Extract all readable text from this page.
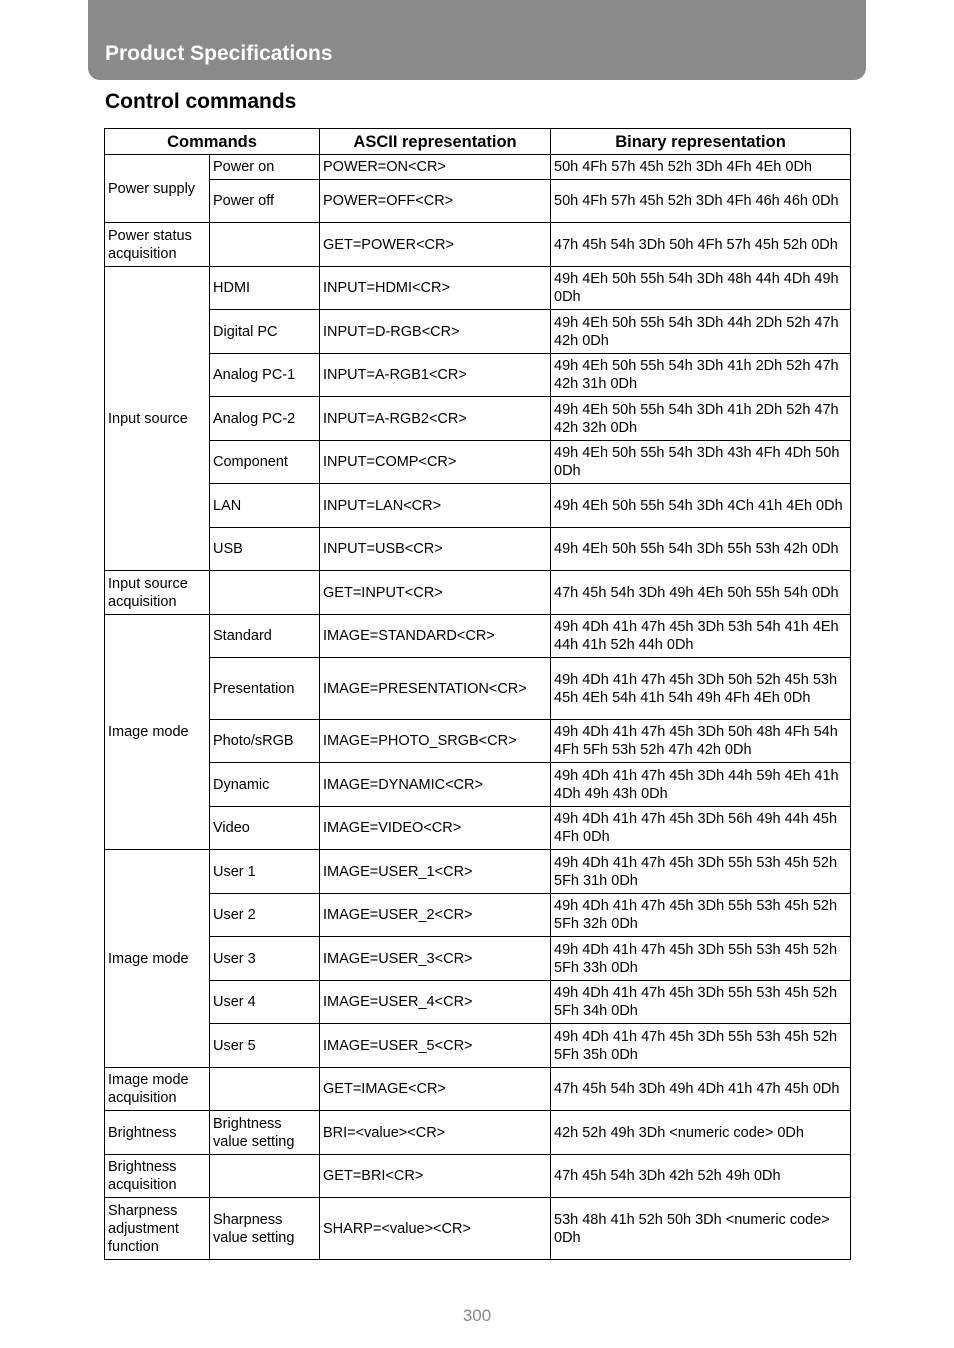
Product Specifications
Control commands
Commands		ASCII representation	Binary representation
Power supply	Power on	POWER=ON<CR>	50h 4Fh 57h 45h 52h 3Dh 4Fh 4Eh 0Dh
	Power off	POWER=OFF<CR>	50h 4Fh 57h 45h 52h 3Dh 4Fh 46h 46h 0Dh
Power status acquisition		GET=POWER<CR>	47h 45h 54h 3Dh 50h 4Fh 57h 45h 52h 0Dh
Input source	HDMI	INPUT=HDMI<CR>	49h 4Eh 50h 55h 54h 3Dh 48h 44h 4Dh 49h 0Dh
	Digital PC	INPUT=D-RGB<CR>	49h 4Eh 50h 55h 54h 3Dh 44h 2Dh 52h 47h 42h 0Dh
	Analog PC-1	INPUT=A-RGB1<CR>	49h 4Eh 50h 55h 54h 3Dh 41h 2Dh 52h 47h 42h 31h 0Dh
	Analog PC-2	INPUT=A-RGB2<CR>	49h 4Eh 50h 55h 54h 3Dh 41h 2Dh 52h 47h 42h 32h 0Dh
	Component	INPUT=COMP<CR>	49h 4Eh 50h 55h 54h 3Dh 43h 4Fh 4Dh 50h 0Dh
	LAN	INPUT=LAN<CR>	49h 4Eh 50h 55h 54h 3Dh 4Ch 41h 4Eh 0Dh
	USB	INPUT=USB<CR>	49h 4Eh 50h 55h 54h 3Dh 55h 53h 42h 0Dh
Input source acquisition		GET=INPUT<CR>	47h 45h 54h 3Dh 49h 4Eh 50h 55h 54h 0Dh
Image mode	Standard	IMAGE=STANDARD<CR>	49h 4Dh 41h 47h 45h 3Dh 53h 54h 41h 4Eh 44h 41h 52h 44h 0Dh
	Presentation	IMAGE=PRESENTATION<CR>	49h 4Dh 41h 47h 45h 3Dh 50h 52h 45h 53h 45h 4Eh 54h 41h 54h 49h 4Fh 4Eh 0Dh
	Photo/sRGB	IMAGE=PHOTO_SRGB<CR>	49h 4Dh 41h 47h 45h 3Dh 50h 48h 4Fh 54h 4Fh 5Fh 53h 52h 47h 42h 0Dh
	Dynamic	IMAGE=DYNAMIC<CR>	49h 4Dh 41h 47h 45h 3Dh 44h 59h 4Eh 41h 4Dh 49h 43h 0Dh
	Video	IMAGE=VIDEO<CR>	49h 4Dh 41h 47h 45h 3Dh 56h 49h 44h 45h 4Fh 0Dh
Image mode	User 1	IMAGE=USER_1<CR>	49h 4Dh 41h 47h 45h 3Dh 55h 53h 45h 52h 5Fh 31h 0Dh
	User 2	IMAGE=USER_2<CR>	49h 4Dh 41h 47h 45h 3Dh 55h 53h 45h 52h 5Fh 32h 0Dh
	User 3	IMAGE=USER_3<CR>	49h 4Dh 41h 47h 45h 3Dh 55h 53h 45h 52h 5Fh 33h 0Dh
	User 4	IMAGE=USER_4<CR>	49h 4Dh 41h 47h 45h 3Dh 55h 53h 45h 52h 5Fh 34h 0Dh
	User 5	IMAGE=USER_5<CR>	49h 4Dh 41h 47h 45h 3Dh 55h 53h 45h 52h 5Fh 35h 0Dh
Image mode acquisition		GET=IMAGE<CR>	47h 45h 54h 3Dh 49h 4Dh 41h 47h 45h 0Dh
Brightness	Brightness value setting	BRI=<value><CR>	42h 52h 49h 3Dh <numeric code> 0Dh
Brightness acquisition		GET=BRI<CR>	47h 45h 54h 3Dh 42h 52h 49h 0Dh
Sharpness adjustment function	Sharpness value setting	SHARP=<value><CR>	53h 48h 41h 52h 50h 3Dh <numeric code> 0Dh
300
